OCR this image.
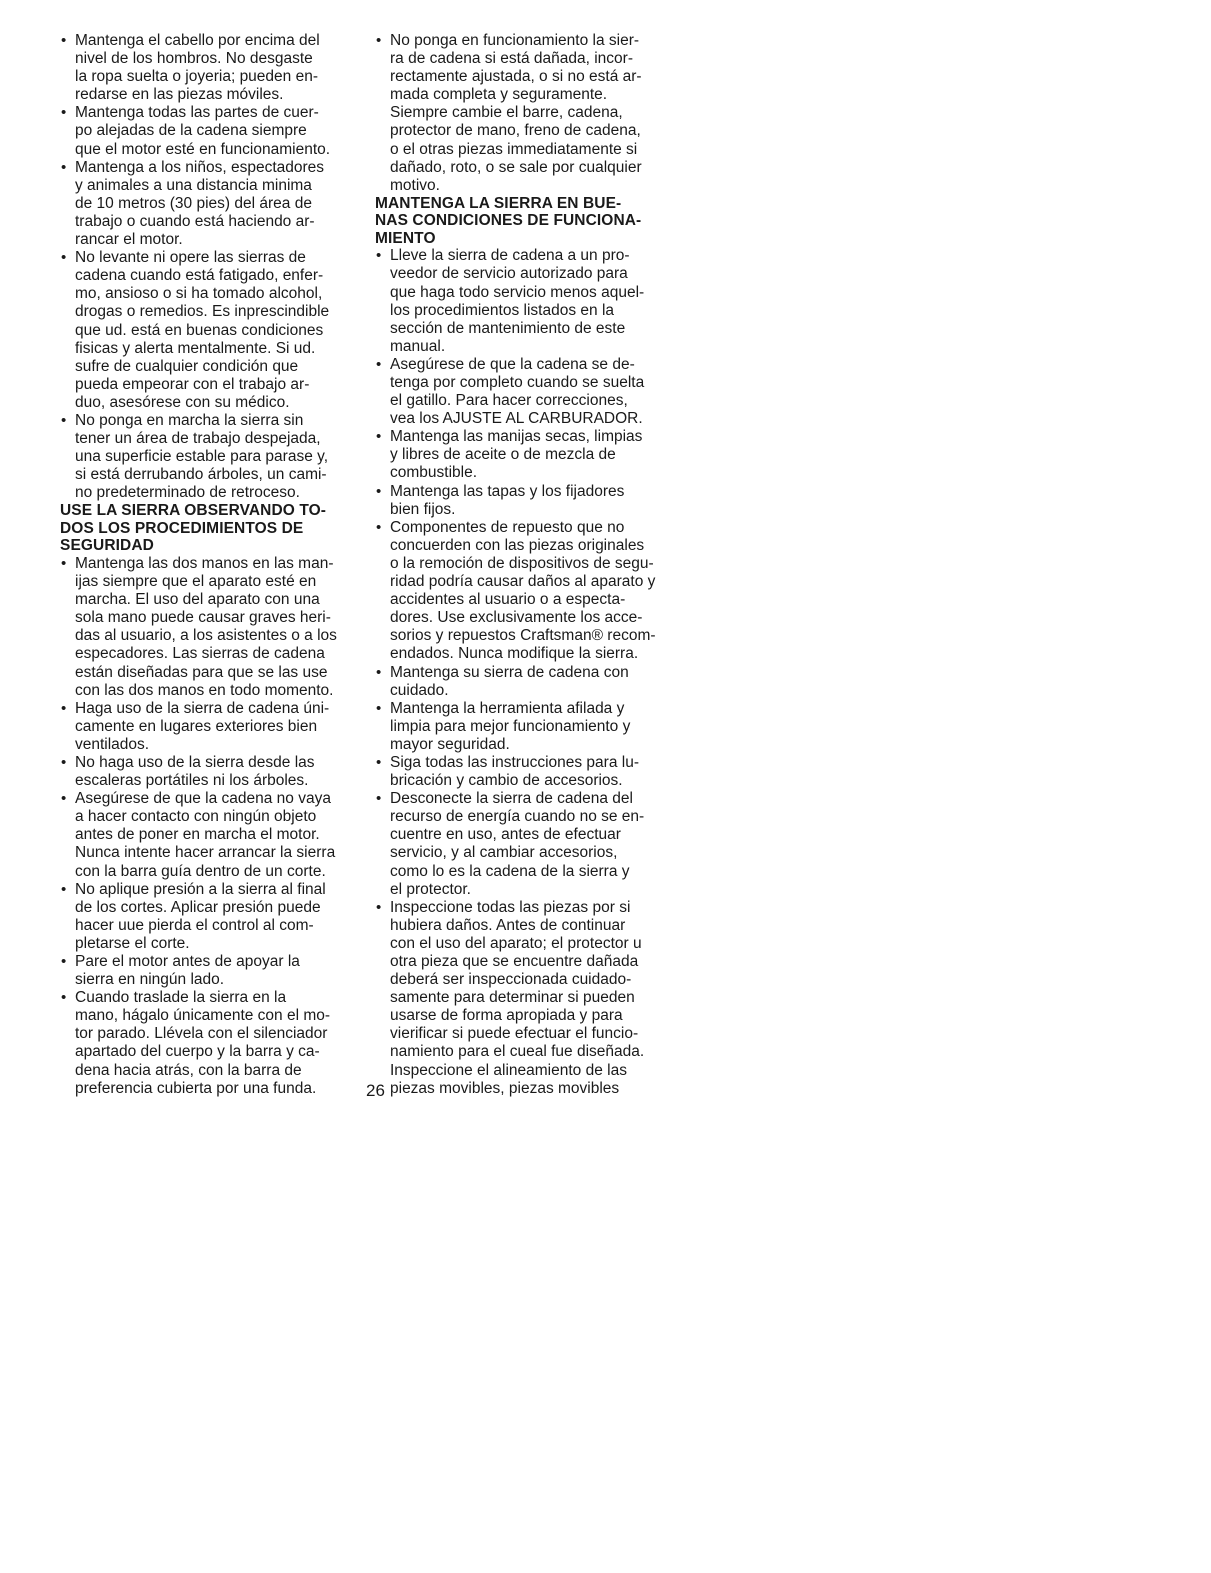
• Mantenga el cabello por encima del
nivel de los hombros. No desgaste
la ropa suelta o joyeria; pueden en-
redarse en las piezas móviles.
• Mantenga todas las partes de cuer-
po alejadas de la cadena siempre
que el motor esté en funcionamiento.
• Mantenga a los niños, espectadores
y animales a una distancia minima
de 10 metros (30 pies) del área de
trabajo o cuando está haciendo ar-
rancar el motor.
• No levante ni opere las sierras de
cadena cuando está fatigado, enfer-
mo, ansioso o si ha tomado alcohol,
drogas o remedios. Es inprescindible
que ud. está en buenas condiciones
fisicas y alerta mentalmente. Si ud.
sufre de cualquier condición que
pueda empeorar con el trabajo ar-
duo, asesórese con su médico.
• No ponga en marcha la sierra sin
tener un área de trabajo despejada,
una superficie estable para parase y,
si está derrubando árboles, un cami-
no predeterminado de retroceso.
USE LA SIERRA OBSERVANDO TO-
DOS LOS PROCEDIMIENTOS DE
SEGURIDAD
• Mantenga las dos manos en las man-
ijas siempre que el aparato esté en
marcha. El uso del aparato con una
sola mano puede causar graves heri-
das al usuario, a los asistentes o a los
especadores. Las sierras de cadena
están diseñadas para que se las use
con las dos manos en todo momento.
• Haga uso de la sierra de cadena úni-
camente en lugares exteriores bien
ventilados.
• No haga uso de la sierra desde las
escaleras portátiles ni los árboles.
• Asegúrese de que la cadena no vaya
a hacer contacto con ningún objeto
antes de poner en marcha el motor.
Nunca intente hacer arrancar la sierra
con la barra guía dentro de un corte.
• No aplique presión a la sierra al final
de los cortes. Aplicar presión puede
hacer uue pierda el control al com-
pletarse el corte.
• Pare el motor antes de apoyar la
sierra en ningún lado.
• Cuando traslade la sierra en la
mano, hágalo únicamente con el mo-
tor parado. Llévela con el silenciador
apartado del cuerpo y la barra y ca-
dena hacia atrás, con la barra de
preferencia cubierta por una funda.
• No ponga en funcionamiento la sier-
ra de cadena si está dañada, incor-
rectamente ajustada, o si no está ar-
mada completa y seguramente.
Siempre cambie el barre, cadena,
protector de mano, freno de cadena,
o el otras piezas immediatamente si
dañado, roto, o se sale por cualquier
motivo.
MANTENGA LA SIERRA EN BUE-
NAS CONDICIONES DE FUNCIONA-
MIENTO
• Lleve la sierra de cadena a un pro-
veedor de servicio autorizado para
que haga todo servicio menos aquel-
los procedimientos listados en la
sección de mantenimiento de este
manual.
• Asegúrese de que la cadena se de-
tenga por completo cuando se suelta
el gatillo. Para hacer correcciones,
vea los AJUSTE AL CARBURADOR.
• Mantenga las manijas secas, limpias
y libres de aceite o de mezcla de
combustible.
• Mantenga las tapas y los fijadores
bien fijos.
• Componentes de repuesto que no
concuerden con las piezas originales
o la remoción de dispositivos de segu-
ridad podría causar daños al aparato y
accidentes al usuario o a especta-
dores. Use exclusivamente los acce-
sorios y repuestos Craftsman® recom-
endados. Nunca modifique la sierra.
• Mantenga su sierra de cadena con
cuidado.
• Mantenga la herramienta afilada y
limpia para mejor funcionamiento y
mayor seguridad.
• Siga todas las instrucciones para lu-
bricación y cambio de accesorios.
• Desconecte la sierra de cadena del
recurso de energía cuando no se en-
cuentre en uso, antes de efectuar
servicio, y al cambiar accesorios,
como lo es la cadena de la sierra y
el protector.
• Inspeccione todas las piezas por si
hubiera daños. Antes de continuar
con el uso del aparato; el protector u
otra pieza que se encuentre dañada
deberá ser inspeccionada cuidado-
samente para determinar si pueden
usarse de forma apropiada y para
vierificar si puede efectuar el funcio-
namiento para el cueal fue diseñada.
Inspeccione el alineamiento de las
piezas movibles, piezas movibles
26
